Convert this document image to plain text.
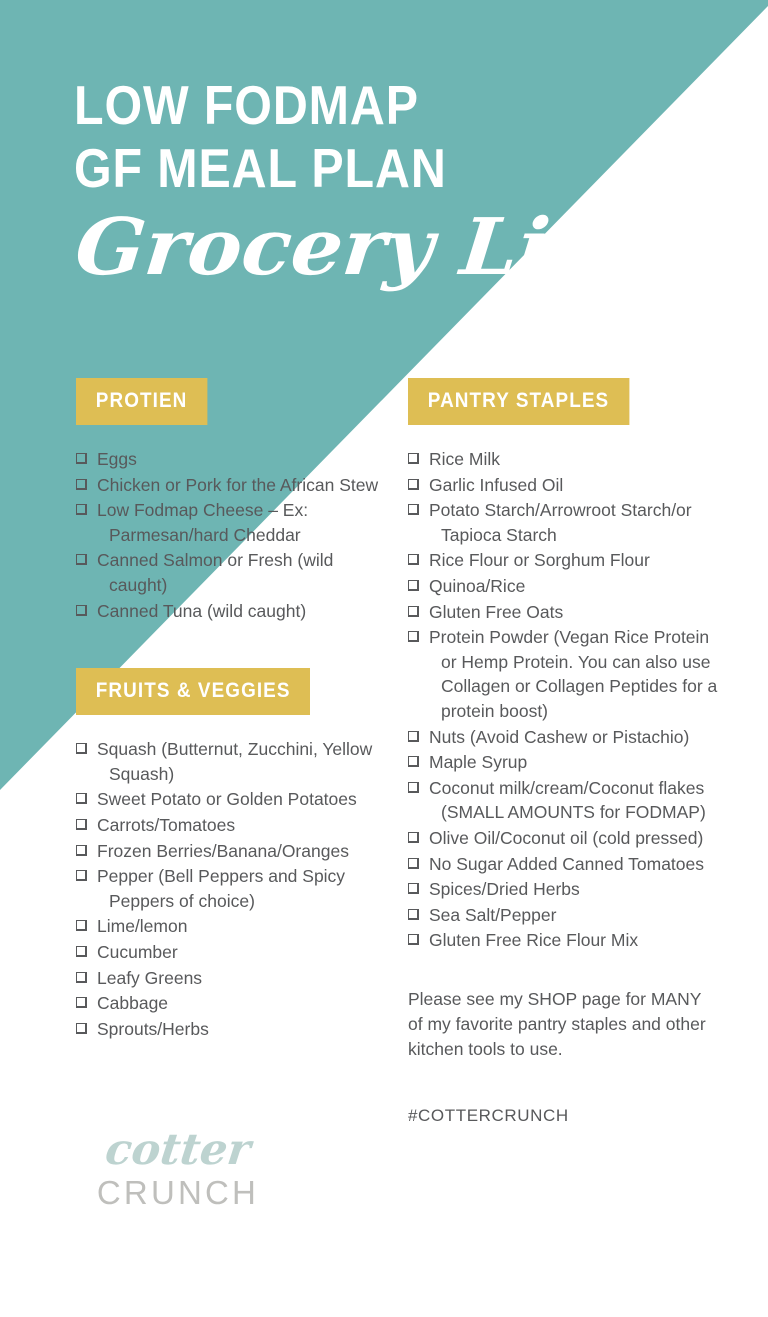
LOW FODMAP
GF MEAL PLAN
Grocery List
PROTIEN
Eggs
Chicken or Pork for the African Stew
Low Fodmap Cheese – Ex: Parmesan/hard Cheddar
Canned Salmon or Fresh (wild caught)
Canned Tuna (wild caught)
FRUITS & VEGGIES
Squash (Butternut, Zucchini, Yellow Squash)
Sweet Potato or Golden Potatoes
Carrots/Tomatoes
Frozen Berries/Banana/Oranges
Pepper (Bell Peppers and Spicy Peppers of choice)
Lime/lemon
Cucumber
Leafy Greens
Cabbage
Sprouts/Herbs
PANTRY STAPLES
Rice Milk
Garlic Infused Oil
Potato Starch/Arrowroot Starch/or Tapioca Starch
Rice Flour or Sorghum Flour
Quinoa/Rice
Gluten Free Oats
Protein Powder (Vegan Rice Protein or Hemp Protein. You can also use Collagen or Collagen Peptides for a protein boost)
Nuts (Avoid Cashew or Pistachio)
Maple Syrup
Coconut milk/cream/Coconut flakes (SMALL AMOUNTS for FODMAP)
Olive Oil/Coconut oil (cold pressed)
No Sugar Added Canned Tomatoes
Spices/Dried Herbs
Sea Salt/Pepper
Gluten Free Rice Flour Mix

Please see my SHOP page for MANY of my favorite pantry staples and other kitchen tools to use.

#COTTERCRUNCH

cotter
CRUNCH
